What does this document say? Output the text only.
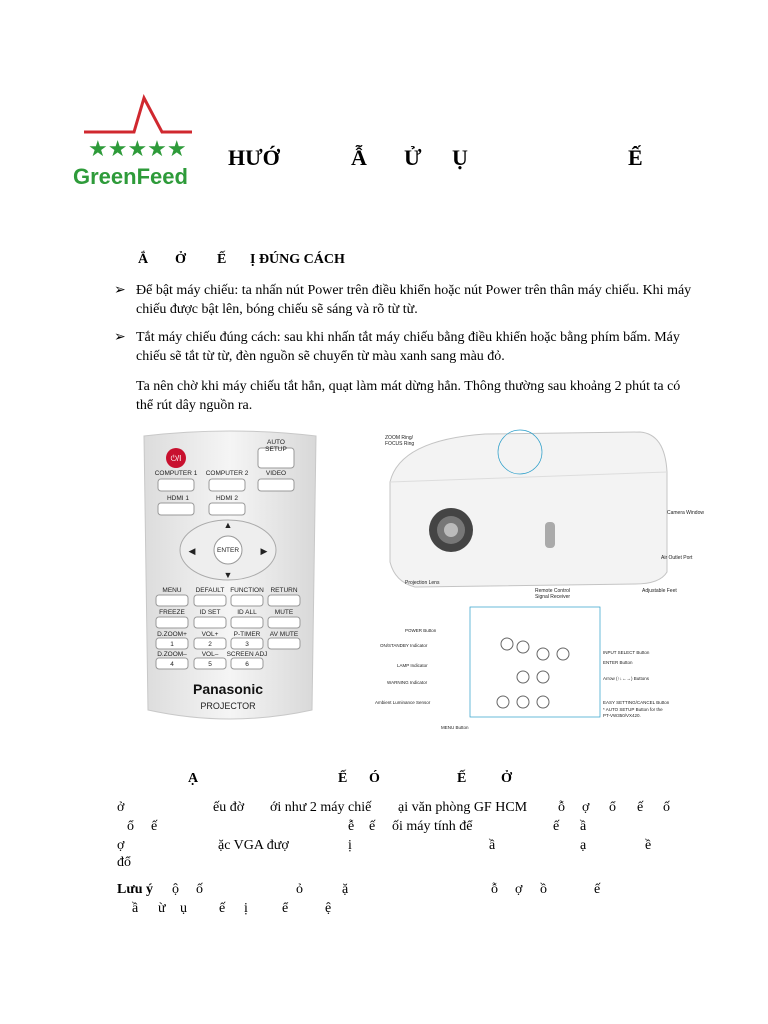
★★★★★
GreenFeed
HƯỚ	Ẫ Ử Ụ	Ế
Ắ Ở Ế Ị ĐÚNG CÁCH
➢ Để bật máy chiếu: ta nhấn nút Power trên điều khiển hoặc nút Power trên thân máy chiếu. Khi máy chiếu được bật lên, bóng chiếu sẽ sáng và rõ từ từ.
➢ Tắt máy chiếu đúng cách: sau khi nhấn tắt máy chiếu bằng điều khiển hoặc bằng phím bấm. Máy chiếu sẽ tắt từ từ, đèn nguồn sẽ chuyển từ màu xanh sang màu đỏ.
Ta nên chờ khi máy chiếu tắt hẳn, quạt làm mát dừng hẳn. Thông thường sau khoảng 2 phút ta có thể rút dây nguồn ra.
⏻/I
AUTO
SETUP
COMPUTER 1 COMPUTER 2	VIDEO
HDMI 1	HDMI 2
ENTER
▲
▼
◀	▶
MENU DEFAULT FUNCTION RETURN
FREEZE ID SET	ID ALL	MUTE
D.ZOOM+ VOL+ P-TIMER AV MUTE
1	2	3
D.ZOOM– VOL– SCREEN ADJ
4	5	6
Panasonic
PROJECTOR
ZOOM Ring/
FOCUS Ring
Camera Window
Air Outlet Port
Projection Lens
Remote Control
Signal Receiver
Adjustable Feet
POWER Button
ON/STANDBY Indicator
LAMP Indicator
WARNING Indicator
Ambient Luminance Sensor
MENU Button
INPUT SELECT Button
ENTER Button
Arrow (↑↓←→) Buttons
EASY SETTING/CANCEL Button
* AUTO SETUP Button for the
PT-VW350/VX420.
Ạ	Ế Ó	Ế Ở
ở	ếu đờ ới như 2 máy chiế ại văn phòng GF HCM ỗ ợ ổ ế ố
ổ ế	ễ ế ối máy tính để	ế ầ
ợ	ặc VGA đượ	ị	ầ	ạ	ề
đổ
ộ ố	ỏ	ặ	ỗ ợ ồ	ế
ầ ừ ụ ế ị ể	ệ
Lưu ý
